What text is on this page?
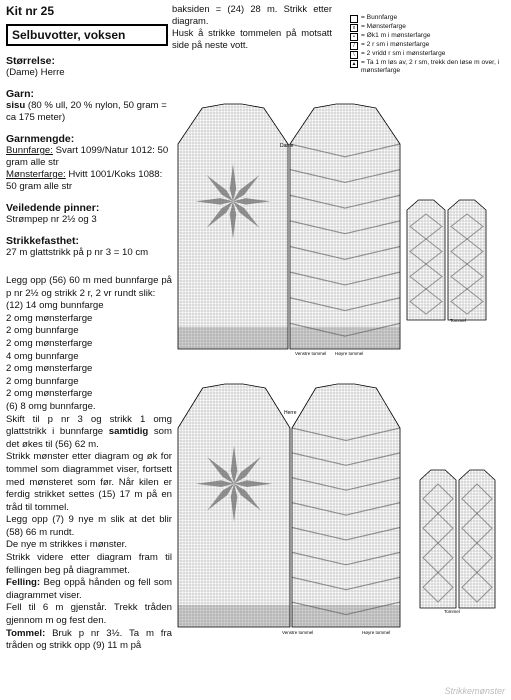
Kit nr 25
Selbuvotter, voksen
Størrelse:
(Dame) Herre
Garn:
sisu (80 % ull, 20 % nylon, 50 gram = ca 175 meter)
Garnmengde:
Bunnfarge: Svart 1099/Natur 1012: 50 gram alle str
Mønsterfarge: Hvitt 1001/Koks 1088: 50 gram alle str
Veiledende pinner:
Strømpep nr 2½ og 3
Strikkefasthet:
27 m glattstrikk på p nr 3 = 10 cm
Legg opp (56) 60 m med bunnfarge på p nr 2½ og strikk 2 r, 2 vr rundt slik:
(12) 14 omg bunnfarge
2 omg mønsterfarge
2 omg bunnfarge
2 omg mønsterfarge
4 omg bunnfarge
2 omg mønsterfarge
2 omg bunnfarge
2 omg mønsterfarge
(6) 8 omg bunnfarge.
Skift til p nr 3 og strikk 1 omg glattstrikk i bunnfarge samtidig som det økes til (56) 62 m.
Strikk mønster etter diagram og øk for tommel som diagrammet viser, fortsett med mønsteret som før. Når kilen er ferdig strikket settes (15) 17 m på en tråd til tommel.
Legg opp (7) 9 nye m slik at det blir (58) 66 m rundt.
De nye m strikkes i mønster.
Strikk videre etter diagram fram til fellingen beg på diagrammet.
Felling: Beg oppå hånden og fell som diagrammet viser.
Fell til 6 m gjenstår. Trekk tråden gjennom m og fest den.
Tommel: Bruk p nr 3½. Ta m fra tråden og strikk opp (9) 11 m på
baksiden = (24) 28 m. Strikk etter diagram.
Husk å strikke tommelen på motsatt side på neste vott.
= Bunnfarge
x = Mønsterfarge
• = Øk1 m i mønsterfarge
/ = 2 r sm i mønsterfarge
\ = 2 vridd r sm i mønsterfarge
▲ = Ta 1 m løs av, 2 r sm, trekk den løse m over, i mønsterfarge
Dame
Venstre tommel Høyre tommel
Tommel
Herre
Venstre tommel	Høyre tommel
Tommel
Strikkemønster
